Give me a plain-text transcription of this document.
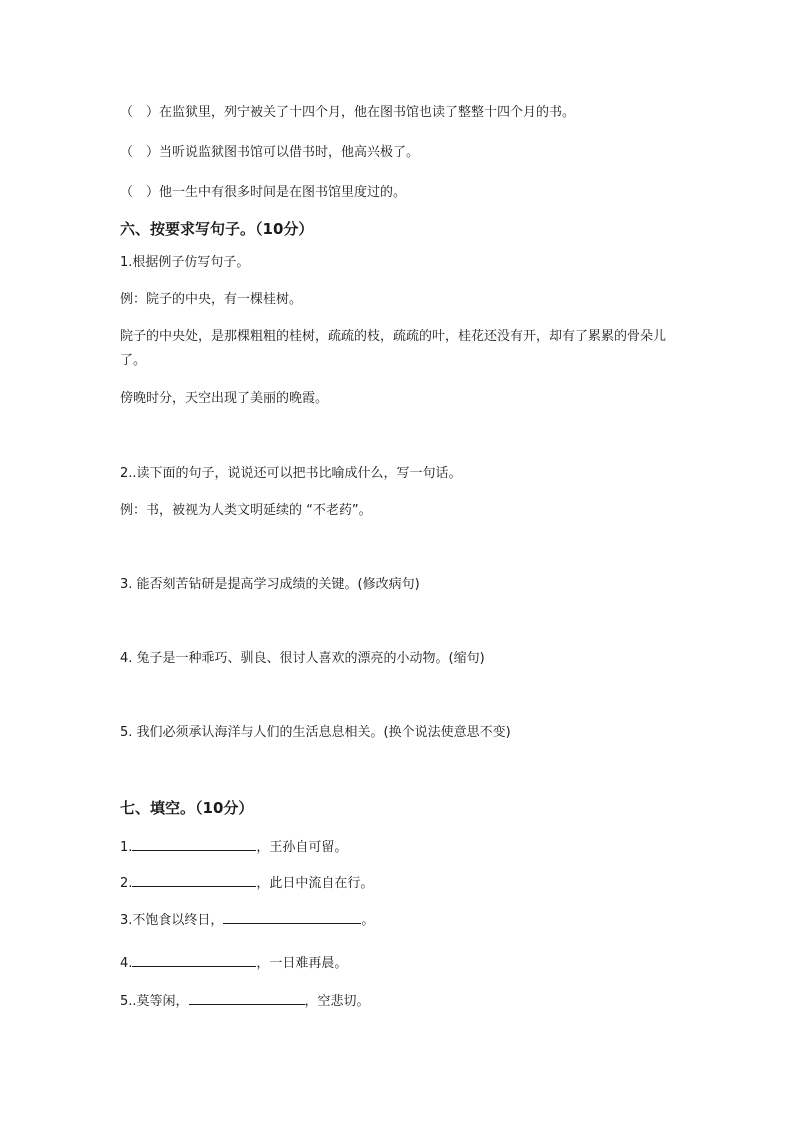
（　）在监狱里，列宁被关了十四个月，他在图书馆也读了整整十四个月的书。
（　）当听说监狱图书馆可以借书时，他高兴极了。
（　）他一生中有很多时间是在图书馆里度过的。
六、按要求写句子。（10分）
1.根据例子仿写句子。
例：院子的中央，有一棵桂树。
院子的中央处，是那棵粗粗的桂树，疏疏的枝，疏疏的叶，桂花还没有开，却有了累累的骨朵儿了。
傍晚时分，天空出现了美丽的晚霞。
2..读下面的句子，说说还可以把书比喻成什么，写一句话。
例：书，被视为人类文明延续的 “不老药”。
3. 能否刻苦钻研是提高学习成绩的关键。(修改病句)
4. 兔子是一种乖巧、驯良、很讨人喜欢的漂亮的小动物。(缩句)
5. 我们必须承认海洋与人们的生活息息相关。(换个说法使意思不变)
七、填空。（10分）
1.	，王孙自可留。
2.	，此日中流自在行。
3.不饱食以终日，	。
4.	，一日难再晨。
5..莫等闲，	，空悲切。
